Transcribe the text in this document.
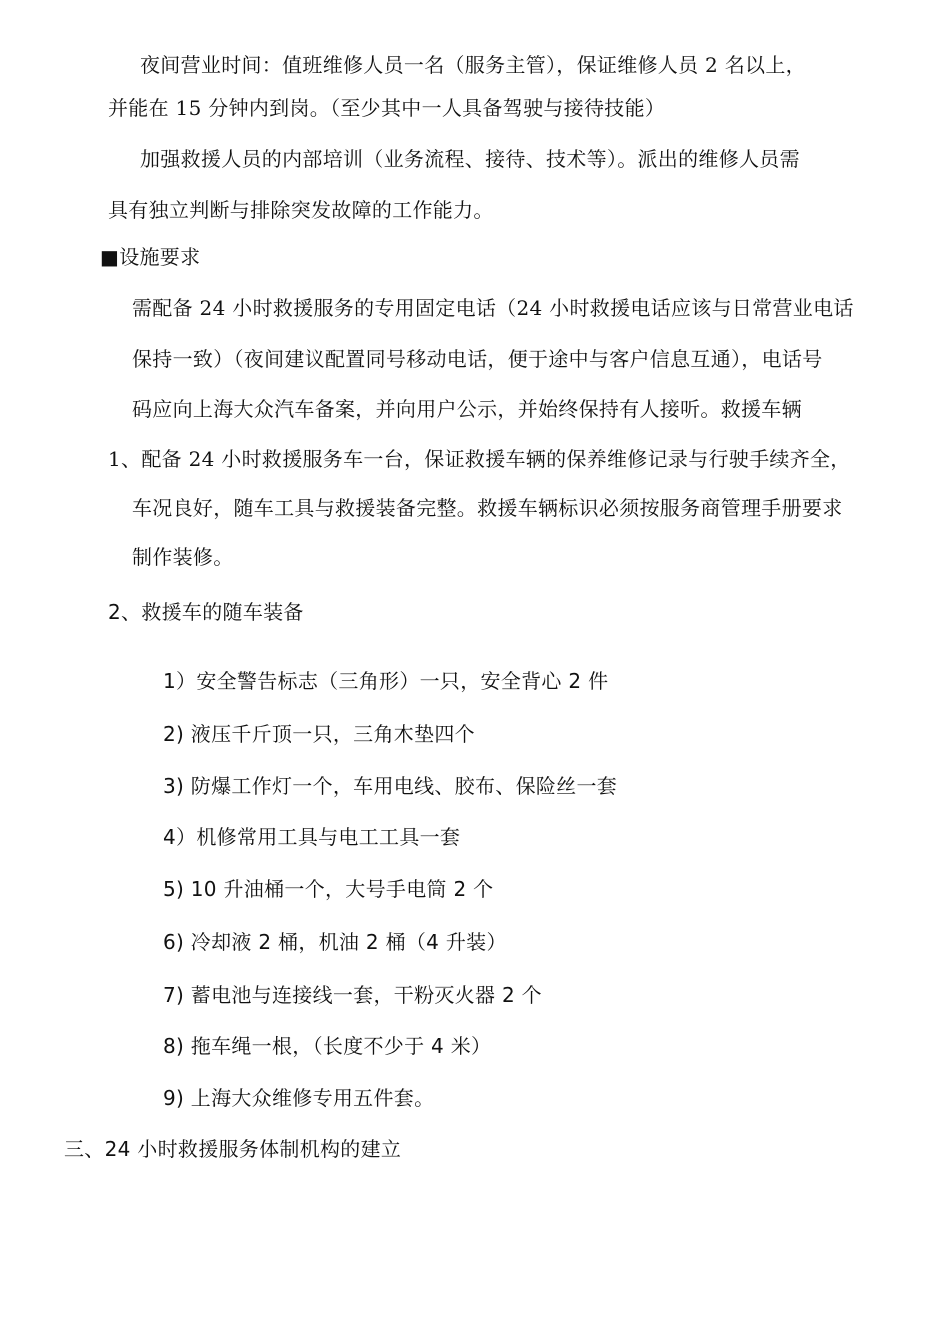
夜间营业时间：值班维修人员一名（服务主管），保证维修人员 2 名以上，
并能在 15 分钟内到岗。（至少其中一人具备驾驶与接待技能）
加强救援人员的内部培训（业务流程、接待、技术等）。派出的维修人员需
具有独立判断与排除突发故障的工作能力。
■设施要求
需配备 24 小时救援服务的专用固定电话（24 小时救援电话应该与日常营业电话
保持一致）（夜间建议配置同号移动电话，便于途中与客户信息互通），电话号
码应向上海大众汽车备案，并向用户公示，并始终保持有人接听。救援车辆
1、配备 24 小时救援服务车一台，保证救援车辆的保养维修记录与行驶手续齐全，
车况良好，随车工具与救援装备完整。救援车辆标识必须按服务商管理手册要求
制作装修。
2、救援车的随车装备
1）安全警告标志（三角形）一只，安全背心 2 件
2) 液压千斤顶一只，三角木垫四个
3) 防爆工作灯一个，车用电线、胶布、保险丝一套
4）机修常用工具与电工工具一套
5) 10 升油桶一个，大号手电筒 2 个
6) 冷却液 2 桶，机油 2 桶（4 升装）
7) 蓄电池与连接线一套，干粉灭火器 2 个
8) 拖车绳一根，（长度不少于 4 米）
9) 上海大众维修专用五件套。
三、24 小时救援服务体制机构的建立
